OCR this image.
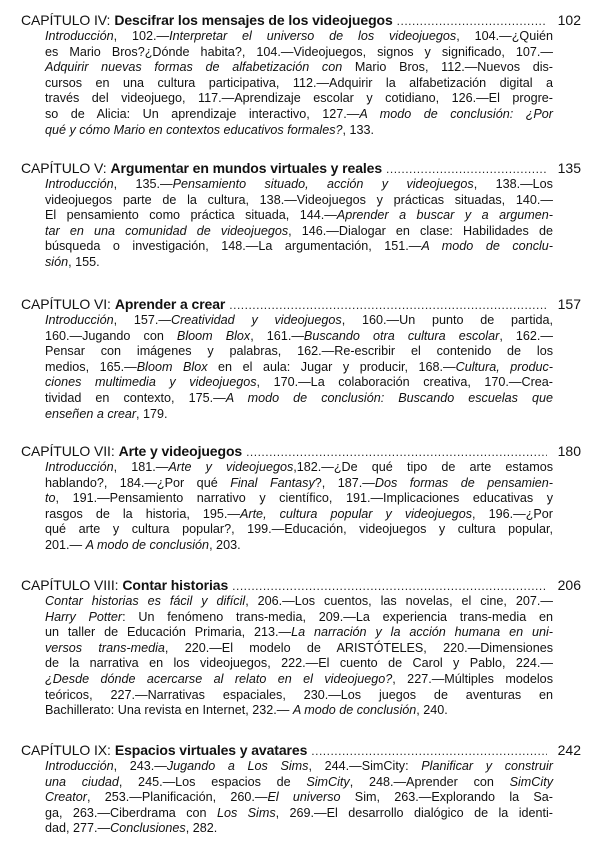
CAPÍTULO IV: Descifrar los mensajes de los videojuegos .....	102
Introducción, 102.—Interpretar el universo de los videojuegos, 104.—¿Quién
es Mario Bros?¿Dónde habita?, 104.—Videojuegos, signos y significado, 107.—
Adquirir nuevas formas de alfabetización con Mario Bros, 112.—Nuevos dis-
cursos en una cultura participativa, 112.—Adquirir la alfabetización digital a
través del videojuego, 117.—Aprendizaje escolar y cotidiano, 126.—El progre-
so de Alicia: Un aprendizaje interactivo, 127.—A modo de conclusión: ¿Por
qué y cómo Mario en contextos educativos formales?, 133.
CAPÍTULO V: Argumentar en mundos virtuales y reales .....	135
Introducción, 135.—Pensamiento situado, acción y videojuegos, 138.—Los
videojuegos parte de la cultura, 138.—Videojuegos y prácticas situadas, 140.—
El pensamiento como práctica situada, 144.—Aprender a buscar y a argumen-
tar en una comunidad de videojuegos, 146.—Dialogar en clase: Habilidades de
búsqueda o investigación, 148.—La argumentación, 151.—A modo de conclu-
sión, 155.
CAPÍTULO VI: Aprender a crear .....	157
Introducción, 157.—Creatividad y videojuegos, 160.—Un punto de partida,
160.—Jugando con Bloom Blox, 161.—Buscando otra cultura escolar, 162.—
Pensar con imágenes y palabras, 162.—Re-escribir el contenido de los
medios, 165.—Bloom Blox en el aula: Jugar y producir, 168.—Cultura, produc-
ciones multimedia y videojuegos, 170.—La colaboración creativa, 170.—Crea-
tividad en contexto, 175.—A modo de conclusión: Buscando escuelas que
enseñen a crear, 179.
CAPÍTULO VII: Arte y videojuegos .....	180
Introducción, 181.—Arte y videojuegos,182.—¿De qué tipo de arte estamos
hablando?, 184.—¿Por qué Final Fantasy?, 187.—Dos formas de pensamien-
to, 191.—Pensamiento narrativo y científico, 191.—Implicaciones educativas y
rasgos de la historia, 195.—Arte, cultura popular y videojuegos, 196.—¿Por
qué arte y cultura popular?, 199.—Educación, videojuegos y cultura popular,
201.— A modo de conclusión, 203.
CAPÍTULO VIII: Contar historias .....	206
Contar historias es fácil y difícil, 206.—Los cuentos, las novelas, el cine, 207.—
Harry Potter: Un fenómeno trans-media, 209.—La experiencia trans-media en
un taller de Educación Primaria, 213.—La narración y la acción humana en uni-
versos trans-media, 220.—El modelo de ARISTÓTELES, 220.—Dimensiones
de la narrativa en los videojuegos, 222.—El cuento de Carol y Pablo, 224.—
¿Desde dónde acercarse al relato en el videojuego?, 227.—Múltiples modelos
teóricos, 227.—Narrativas espaciales, 230.—Los juegos de aventuras en
Bachillerato: Una revista en Internet, 232.— A modo de conclusión, 240.
CAPÍTULO IX: Espacios virtuales y avatares .....	242
Introducción, 243.—Jugando a Los Sims, 244.—SimCity: Planificar y construir
una ciudad, 245.—Los espacios de SimCity, 248.—Aprender con SimCity
Creator, 253.—Planificación, 260.—El universo Sim, 263.—Explorando la Sa-
ga, 263.—Ciberdrama con Los Sims, 269.—El desarrollo dialógico de la identi-
dad, 277.—Conclusiones, 282.
